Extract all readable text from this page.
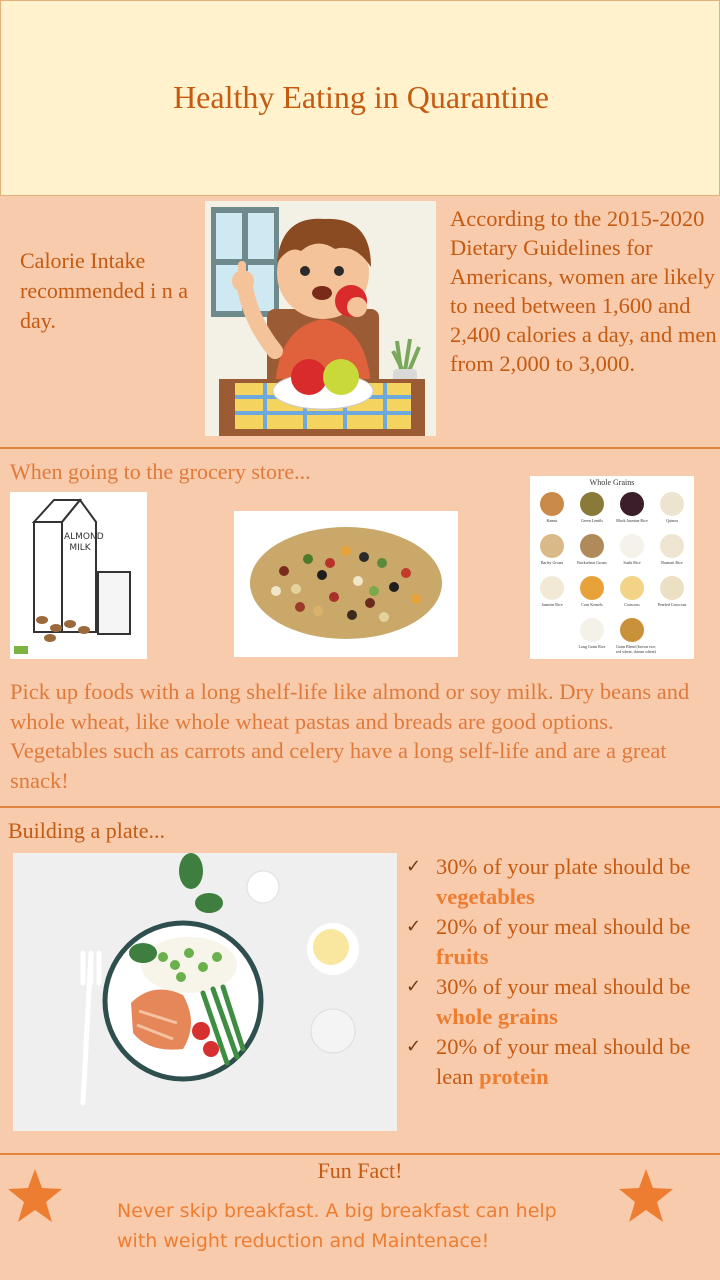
Healthy Eating in Quarantine
Calorie Intake recommended i n a day.
According to the 2015-2020 Dietary Guidelines for Americans, women are likely to need between 1,600 and 2,400 calories a day, and men from 2,000 to 3,000.
When going to the grocery store...
ALMOND MILK
Whole Grains
Kamut	Green Lentils	Black Jasmine Rice	Quinoa
Barley Groats	Buckwheat Groats	Sushi Rice	Basmati Rice
Jasmine Rice	Corn Kernels	Couscous	Pearled Couscous
Long Grain Rice	Grain Blend (brown rice, red wheat, durum wheat)
Pick up foods with a long shelf-life like almond or soy milk. Dry beans and whole wheat, like whole wheat pastas and breads are good options. Vegetables such as carrots and celery have a long self-life and are a great snack!
Building a plate...
✓ 30% of your plate should be vegetables
✓ 20% of your meal should be fruits
✓ 30% of your meal should be whole grains
✓ 20% of your meal should be lean protein
Fun Fact!
Never skip breakfast. A big breakfast can help with weight reduction and Maintenace!
